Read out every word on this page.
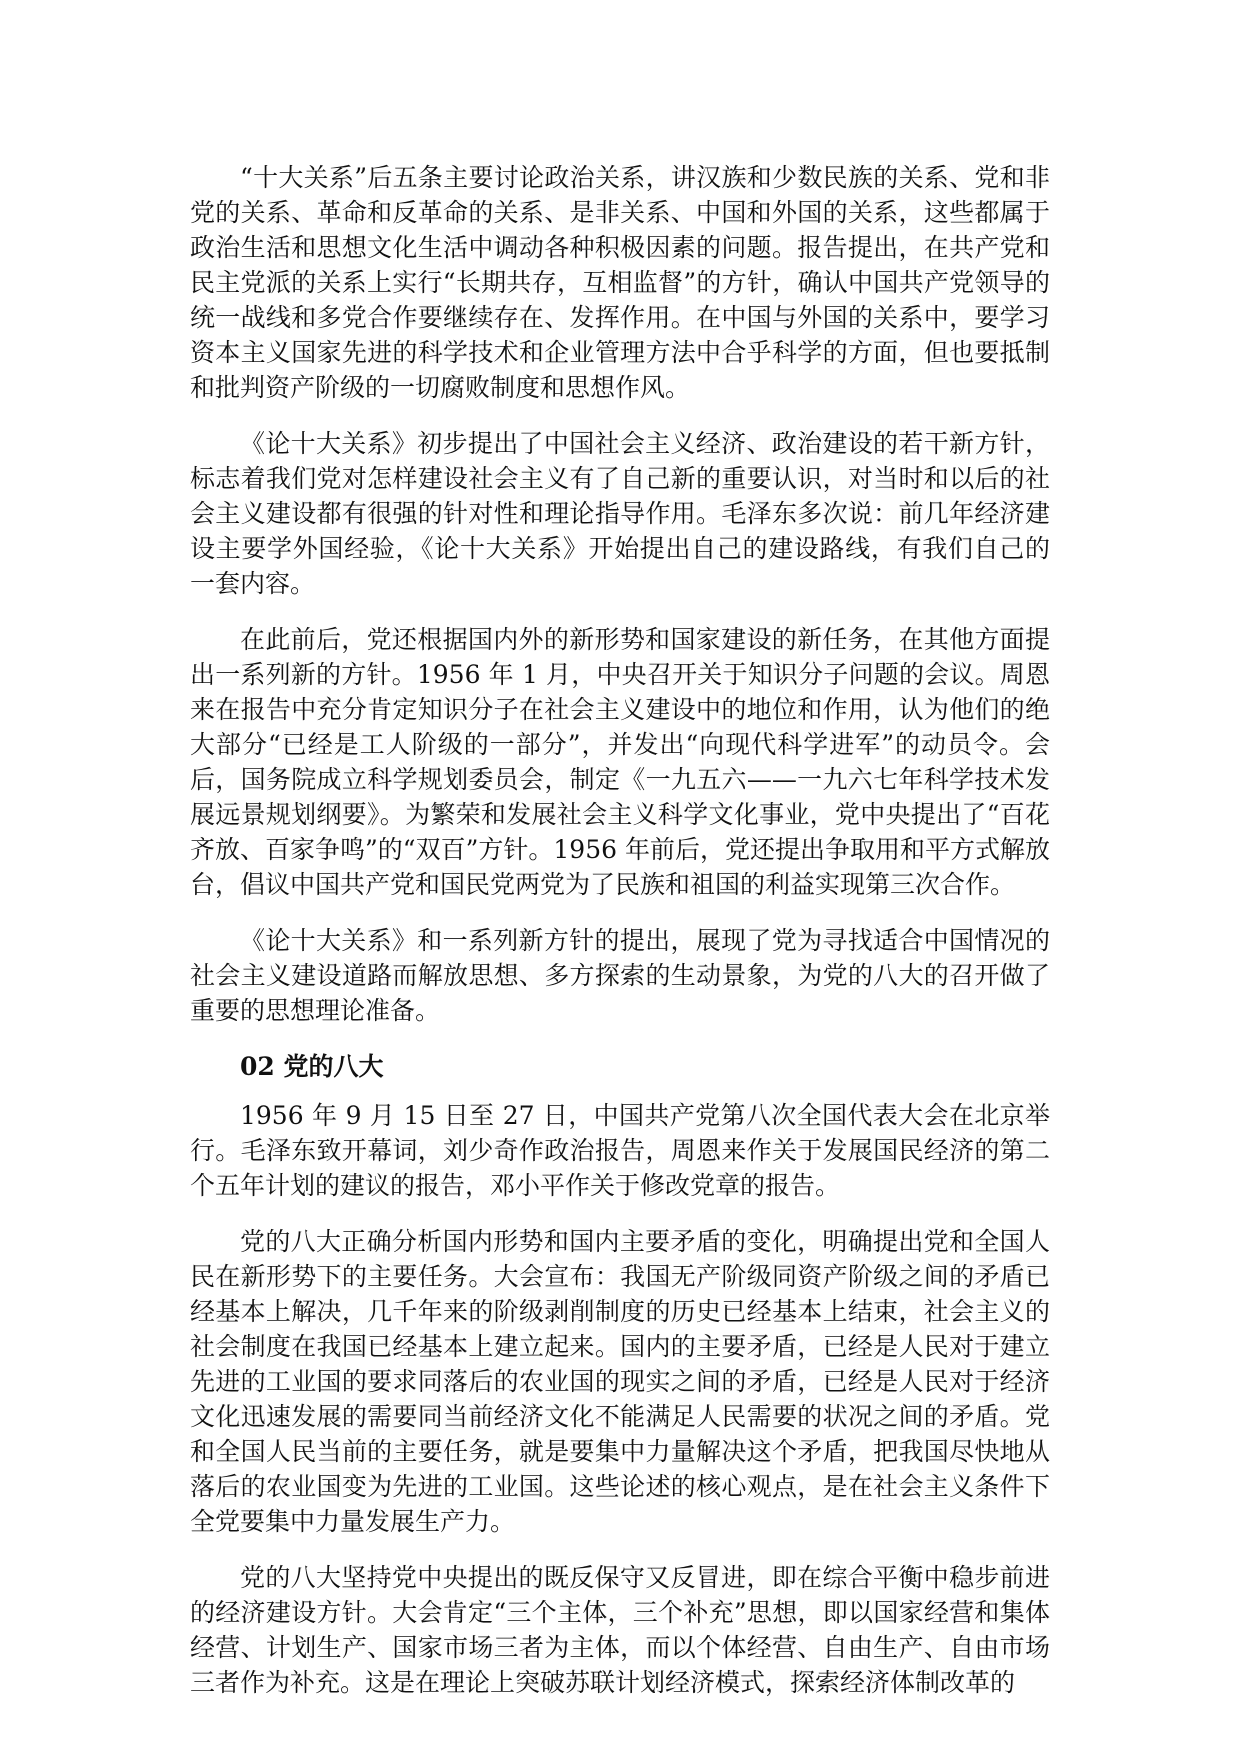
“十大关系”后五条主要讨论政治关系，讲汉族和少数民族的关系、党和非党的关系、革命和反革命的关系、是非关系、中国和外国的关系，这些都属于政治生活和思想文化生活中调动各种积极因素的问题。报告提出，在共产党和民主党派的关系上实行“长期共存，互相监督”的方针，确认中国共产党领导的统一战线和多党合作要继续存在、发挥作用。在中国与外国的关系中，要学习资本主义国家先进的科学技术和企业管理方法中合乎科学的方面，但也要抵制和批判资产阶级的一切腐败制度和思想作风。

《论十大关系》初步提出了中国社会主义经济、政治建设的若干新方针，标志着我们党对怎样建设社会主义有了自己新的重要认识，对当时和以后的社会主义建设都有很强的针对性和理论指导作用。毛泽东多次说：前几年经济建设主要学外国经验，《论十大关系》开始提出自己的建设路线，有我们自己的一套内容。

在此前后，党还根据国内外的新形势和国家建设的新任务，在其他方面提出一系列新的方针。1956 年 1 月，中央召开关于知识分子问题的会议。周恩来在报告中充分肯定知识分子在社会主义建设中的地位和作用，认为他们的绝大部分“已经是工人阶级的一部分”，并发出“向现代科学进军”的动员令。会后，国务院成立科学规划委员会，制定《一九五六——一九六七年科学技术发展远景规划纲要》。为繁荣和发展社会主义科学文化事业，党中央提出了“百花齐放、百家争鸣”的“双百”方针。1956 年前后，党还提出争取用和平方式解放台，倡议中国共产党和国民党两党为了民族和祖国的利益实现第三次合作。

《论十大关系》和一系列新方针的提出，展现了党为寻找适合中国情况的社会主义建设道路而解放思想、多方探索的生动景象，为党的八大的召开做了重要的思想理论准备。

02 党的八大

1956 年 9 月 15 日至 27 日，中国共产党第八次全国代表大会在北京举行。毛泽东致开幕词，刘少奇作政治报告，周恩来作关于发展国民经济的第二个五年计划的建议的报告，邓小平作关于修改党章的报告。

党的八大正确分析国内形势和国内主要矛盾的变化，明确提出党和全国人民在新形势下的主要任务。大会宣布：我国无产阶级同资产阶级之间的矛盾已经基本上解决，几千年来的阶级剥削制度的历史已经基本上结束，社会主义的社会制度在我国已经基本上建立起来。国内的主要矛盾，已经是人民对于建立先进的工业国的要求同落后的农业国的现实之间的矛盾，已经是人民对于经济文化迅速发展的需要同当前经济文化不能满足人民需要的状况之间的矛盾。党和全国人民当前的主要任务，就是要集中力量解决这个矛盾，把我国尽快地从落后的农业国变为先进的工业国。这些论述的核心观点，是在社会主义条件下全党要集中力量发展生产力。

党的八大坚持党中央提出的既反保守又反冒进，即在综合平衡中稳步前进的经济建设方针。大会肯定“三个主体，三个补充”思想，即以国家经营和集体经营、计划生产、国家市场三者为主体，而以个体经营、自由生产、自由市场三者作为补充。这是在理论上突破苏联计划经济模式，探索经济体制改革的
